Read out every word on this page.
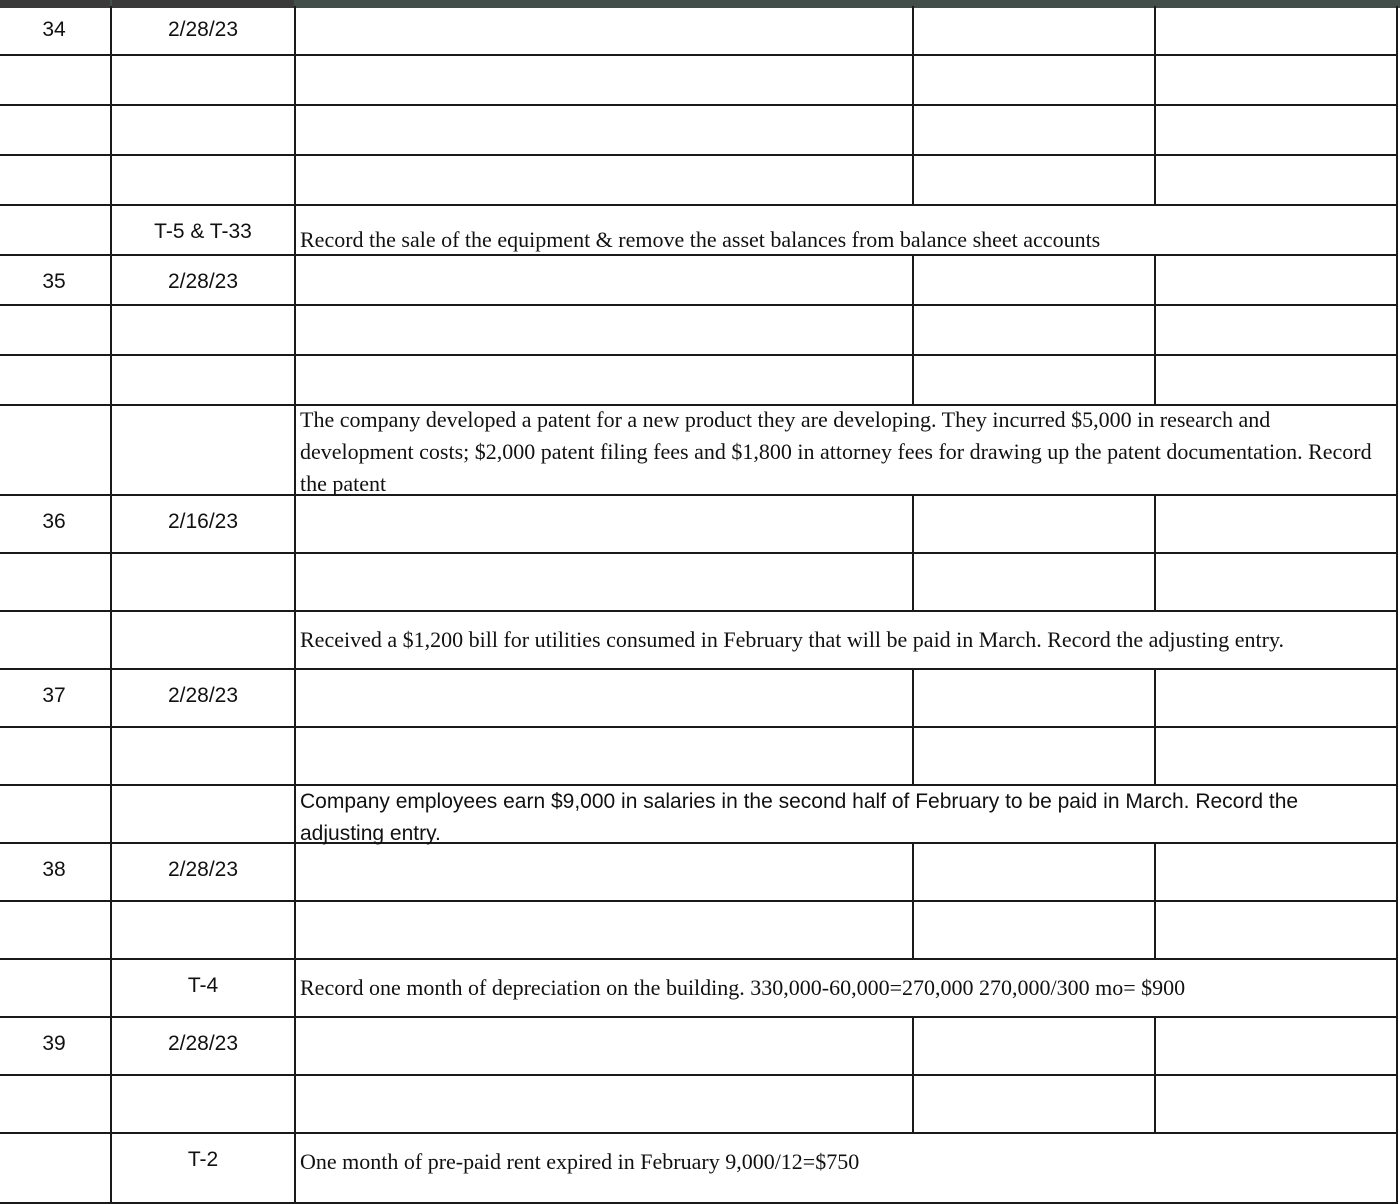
34	2/28/23
T-5 & T-33	Record the sale of the equipment & remove the asset balances from balance sheet accounts
35	2/28/23
The company developed a patent for a new product they are developing. They incurred $5,000 in research and development costs; $2,000 patent filing fees and $1,800 in attorney fees for drawing up the patent documentation. Record the patent
36	2/16/23
Received a $1,200 bill for utilities consumed in February that will be paid in March. Record the adjusting entry.
37	2/28/23
Company employees earn $9,000 in salaries in the second half of February to be paid in March. Record the adjusting entry.
38	2/28/23
T-4	Record one month of depreciation on the building. 330,000-60,000=270,000 270,000/300 mo= $900
39	2/28/23
T-2	One month of pre-paid rent expired in February 9,000/12=$750
